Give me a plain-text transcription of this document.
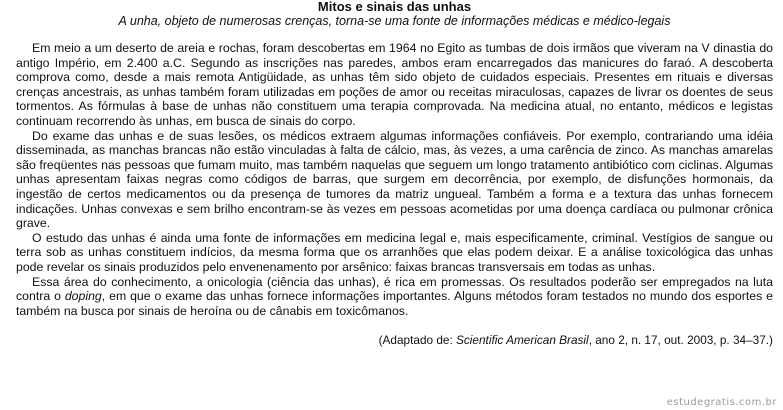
Mitos e sinais das unhas

A unha, objeto de numerosas crenças, torna-se uma fonte de informações médicas e médico-legais

Em meio a um deserto de areia e rochas, foram descobertas em 1964 no Egito as tumbas de dois irmãos que viveram na V dinastia do antigo Império, em 2.400 a.C. Segundo as inscrições nas paredes, ambos eram encarregados das manicures do faraó. A descoberta comprova como, desde a mais remota Antigüidade, as unhas têm sido objeto de cuidados especiais. Presentes em rituais e diversas crenças ancestrais, as unhas também foram utilizadas em poções de amor ou receitas miraculosas, capazes de livrar os doentes de seus tormentos. As fórmulas à base de unhas não constituem uma terapia comprovada. Na medicina atual, no entanto, médicos e legistas continuam recorrendo às unhas, em busca de sinais do corpo.

Do exame das unhas e de suas lesões, os médicos extraem algumas informações confiáveis. Por exemplo, contrariando uma idéia disseminada, as manchas brancas não estão vinculadas à falta de cálcio, mas, às vezes, a uma carência de zinco. As manchas amarelas são freqüentes nas pessoas que fumam muito, mas também naquelas que seguem um longo tratamento antibiótico com ciclinas. Algumas unhas apresentam faixas negras como códigos de barras, que surgem em decorrência, por exemplo, de disfunções hormonais, da ingestão de certos medicamentos ou da presença de tumores da matriz ungueal. Também a forma e a textura das unhas fornecem indicações. Unhas convexas e sem brilho encontram-se às vezes em pessoas acometidas por uma doença cardíaca ou pulmonar crônica grave.

O estudo das unhas é ainda uma fonte de informações em medicina legal e, mais especificamente, criminal. Vestígios de sangue ou terra sob as unhas constituem indícios, da mesma forma que os arranhões que elas podem deixar. E a análise toxicológica das unhas pode revelar os sinais produzidos pelo envenenamento por arsênico: faixas brancas transversais em todas as unhas.

Essa área do conhecimento, a onicologia (ciência das unhas), é rica em promessas. Os resultados poderão ser empregados na luta contra o doping, em que o exame das unhas fornece informações importantes. Alguns métodos foram testados no mundo dos esportes e também na busca por sinais de heroína ou de cânabis em toxicômanos.

(Adaptado de: Scientific American Brasil, ano 2, n. 17, out. 2003, p. 34–37.)

estudegratis.com.br
